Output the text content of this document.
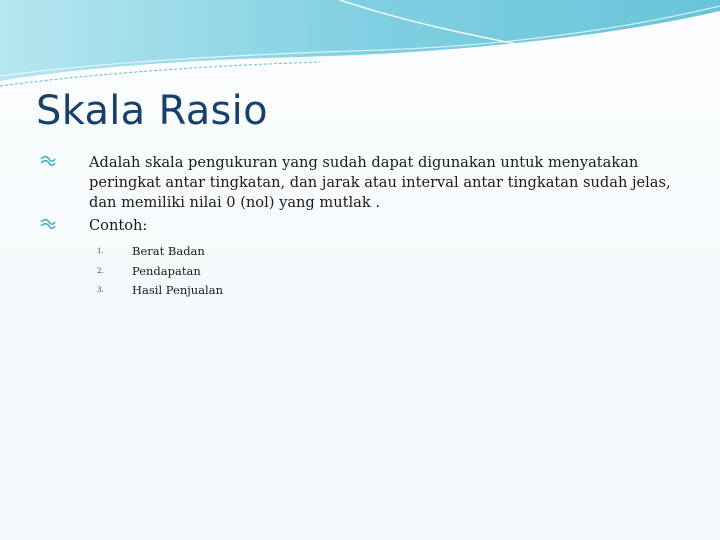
Skala Rasio
Adalah skala pengukuran yang sudah dapat digunakan untuk menyatakan peringkat antar tingkatan, dan jarak atau interval antar tingkatan sudah jelas, dan memiliki nilai 0 (nol) yang mutlak .
Contoh:
1. Berat Badan
2. Pendapatan
3. Hasil Penjualan
